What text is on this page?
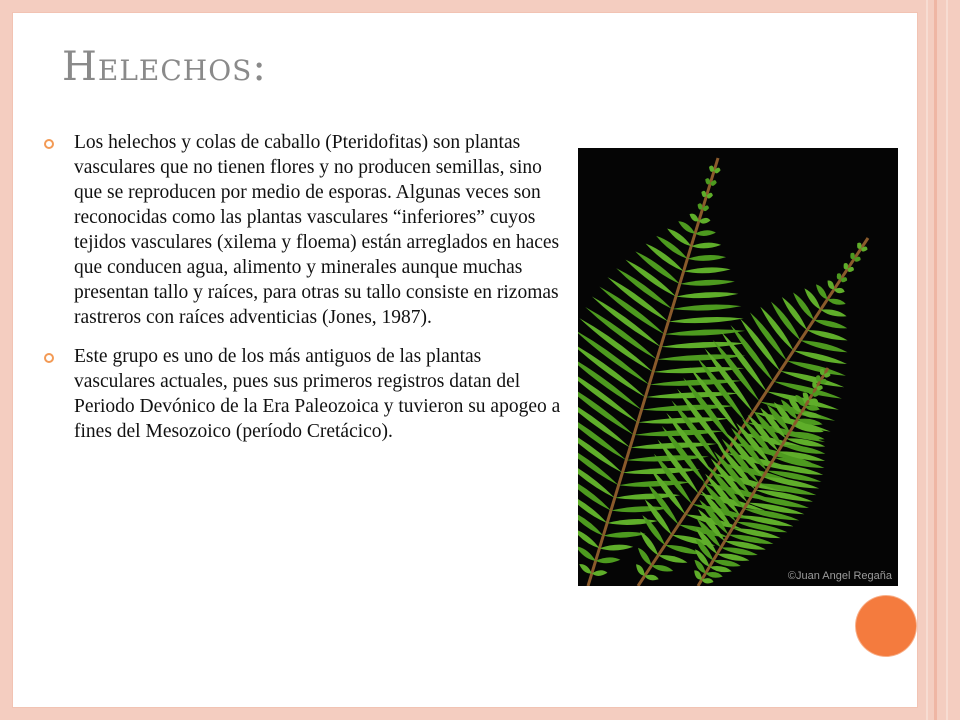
Helechos:
Los helechos y colas de caballo (Pteridofitas) son plantas vasculares que no tienen flores y no producen semillas, sino que se reproducen por medio de esporas. Algunas veces son reconocidas como las plantas vasculares “inferiores” cuyos tejidos vasculares (xilema y floema) están arreglados en haces que conducen agua, alimento y minerales aunque muchas presentan tallo y raíces, para otras su tallo consiste en rizomas rastreros con raíces adventicias (Jones, 1987).
Este grupo es uno de los más antiguos de las plantas vasculares actuales, pues sus primeros registros datan del Periodo Devónico de la Era Paleozoica y tuvieron su apogeo a fines del Mesozoico (período Cretácico).
©Juan Angel Regaña
